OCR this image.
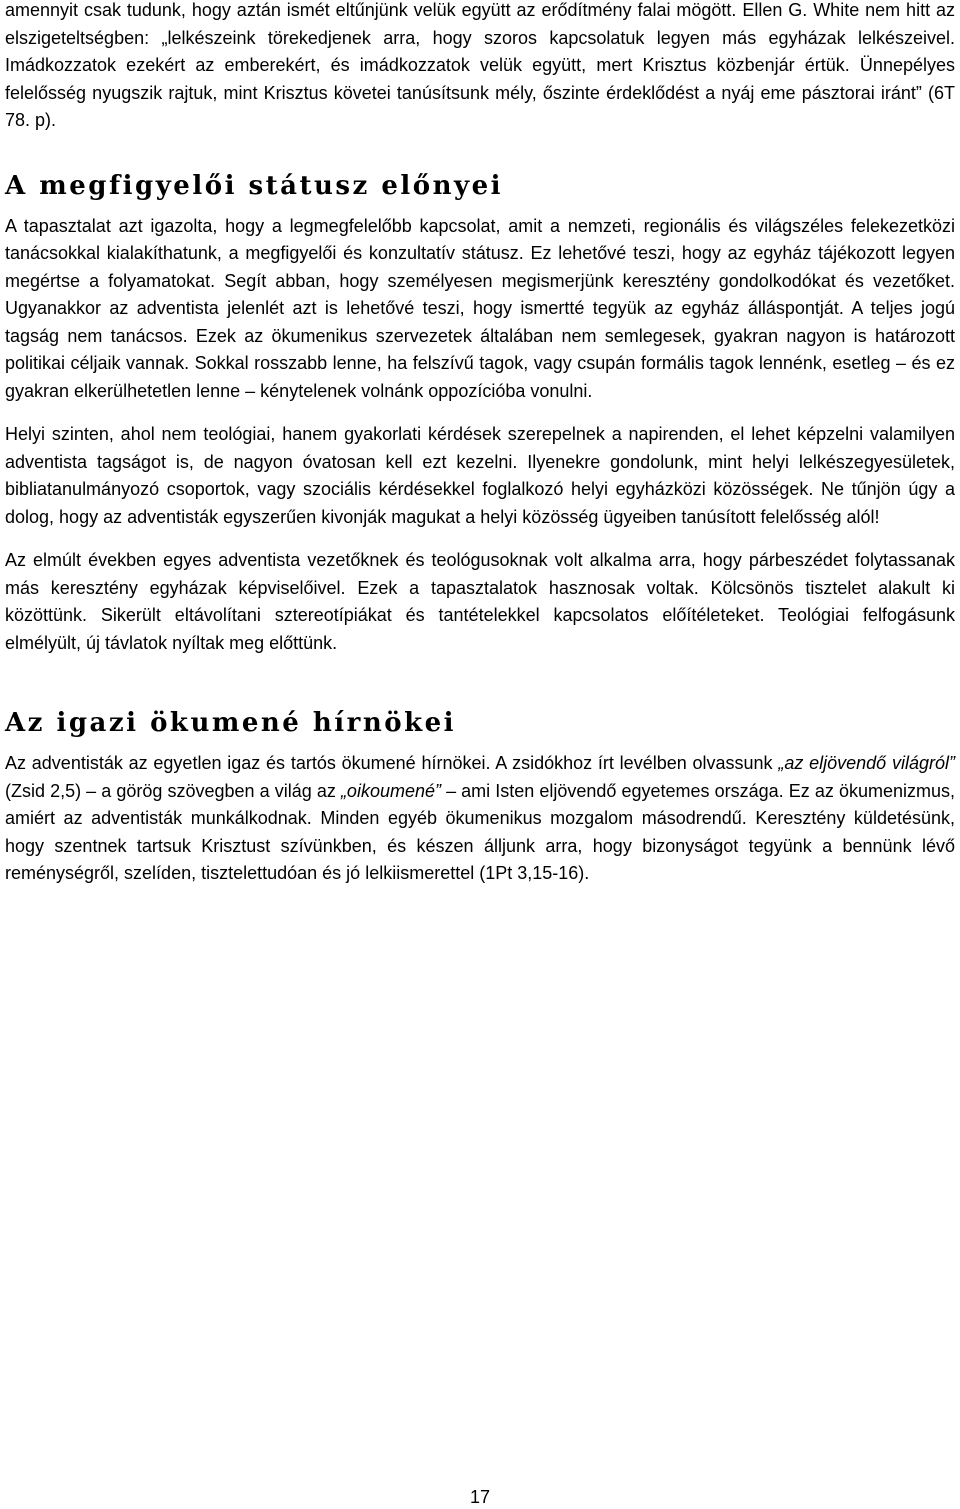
amennyit csak tudunk, hogy aztán ismét eltűnjünk velük együtt az erődítmény falai mögött. Ellen G. White nem hitt az elszigeteltségben: „lelkészeink törekedjenek arra, hogy szoros kapcsolatuk legyen más egyházak lelkészeivel. Imádkozzatok ezekért az emberekért, és imádkozzatok velük együtt, mert Krisztus közbenjár értük. Ünnepélyes felelősség nyugszik rajtuk, mint Krisztus követei tanúsítsunk mély, őszinte érdeklődést a nyáj eme pásztorai iránt” (6T 78. p).

A megfigyelői státusz előnyei

A tapasztalat azt igazolta, hogy a legmegfelelőbb kapcsolat, amit a nemzeti, regionális és világszéles felekezetközi tanácsokkal kialakíthatunk, a megfigyelői és konzultatív státusz. Ez lehetővé teszi, hogy az egyház tájékozott legyen megértse a folyamatokat. Segít abban, hogy személyesen megismerjünk keresztény gondolkodókat és vezetőket. Ugyanakkor az adventista jelenlét azt is lehetővé teszi, hogy ismertté tegyük az egyház álláspontját. A teljes jogú tagság nem tanácsos. Ezek az ökumenikus szervezetek általában nem semlegesek, gyakran nagyon is határozott politikai céljaik vannak. Sokkal rosszabb lenne, ha felszívű tagok, vagy csupán formális tagok lennénk, esetleg – és ez gyakran elkerülhetetlen lenne – kénytelenek volnánk oppozícióba vonulni.

Helyi szinten, ahol nem teológiai, hanem gyakorlati kérdések szerepelnek a napirenden, el lehet képzelni valamilyen adventista tagságot is, de nagyon óvatosan kell ezt kezelni. Ilyenekre gondolunk, mint helyi lelkészegyesületek, bibliatanulmányozó csoportok, vagy szociális kérdésekkel foglalkozó helyi egyházközi közösségek. Ne tűnjön úgy a dolog, hogy az adventisták egyszerűen kivonják magukat a helyi közösség ügyeiben tanúsított felelősség alól!

Az elmúlt években egyes adventista vezetőknek és teológusoknak volt alkalma arra, hogy párbeszédet folytassanak más keresztény egyházak képviselőivel. Ezek a tapasztalatok hasznosak voltak. Kölcsönös tisztelet alakult ki közöttünk. Sikerült eltávolítani sztereotípiákat és tantételekkel kapcsolatos előítéleteket. Teológiai felfogásunk elmélyült, új távlatok nyíltak meg előttünk.

Az igazi ökumené hírnökei

Az adventisták az egyetlen igaz és tartós ökumené hírnökei. A zsidókhoz írt levélben olvassunk „az eljövendő világról” (Zsid 2,5) – a görög szövegben a világ az „oikoumené” – ami Isten eljövendő egyetemes országa. Ez az ökumenizmus, amiért az adventisták munkálkodnak. Minden egyéb ökumenikus mozgalom másodrendű. Keresztény küldetésünk, hogy szentnek tartsuk Krisztust szívünkben, és készen álljunk arra, hogy bizonyságot tegyünk a bennünk lévő reménységről, szelíden, tisztelettudóan és jó lelkiismerettel (1Pt 3,15-16).

17
